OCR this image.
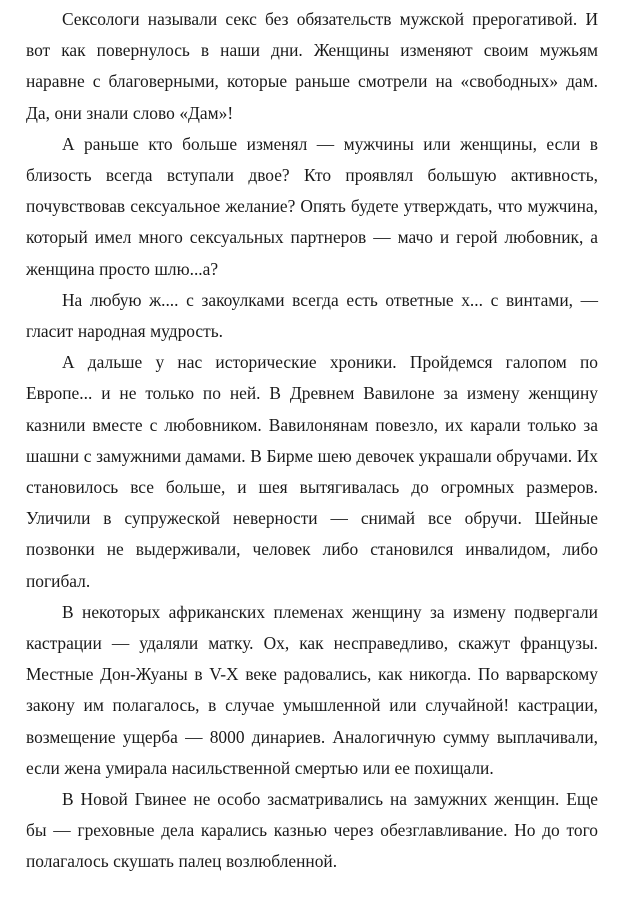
Сексологи называли секс без обязательств мужской прерогативой. И вот как повернулось в наши дни. Женщины изменяют своим мужьям наравне с благоверными, которые раньше смотрели на «свободных» дам. Да, они знали слово «Дам»!

А раньше кто больше изменял — мужчины или женщины, если в близость всегда вступали двое? Кто проявлял большую активность, почувствовав сексуальное желание? Опять будете утверждать, что мужчина, который имел много сексуальных партнеров — мачо и герой любовник, а женщина просто шлю...а?

На любую ж.... с закоулками всегда есть ответные х... с винтами, — гласит народная мудрость.

А дальше у нас исторические хроники. Пройдемся галопом по Европе... и не только по ней. В Древнем Вавилоне за измену женщину казнили вместе с любовником. Вавилонянам повезло, их карали только за шашни с замужними дамами. В Бирме шею девочек украшали обручами. Их становилось все больше, и шея вытягивалась до огромных размеров. Уличили в супружеской неверности — снимай все обручи. Шейные позвонки не выдерживали, человек либо становился инвалидом, либо погибал.

В некоторых африканских племенах женщину за измену подвергали кастрации — удаляли матку. Ох, как несправедливо, скажут французы. Местные Дон-Жуаны в V-X веке радовались, как никогда. По варварскому закону им полагалось, в случае умышленной или случайной! кастрации, возмещение ущерба — 8000 динариев. Аналогичную сумму выплачивали, если жена умирала насильственной смертью или ее похищали.

В Новой Гвинее не особо засматривались на замужних женщин. Еще бы — греховные дела карались казнью через обезглавливание. Но до того полагалось скушать палец возлюбленной.
